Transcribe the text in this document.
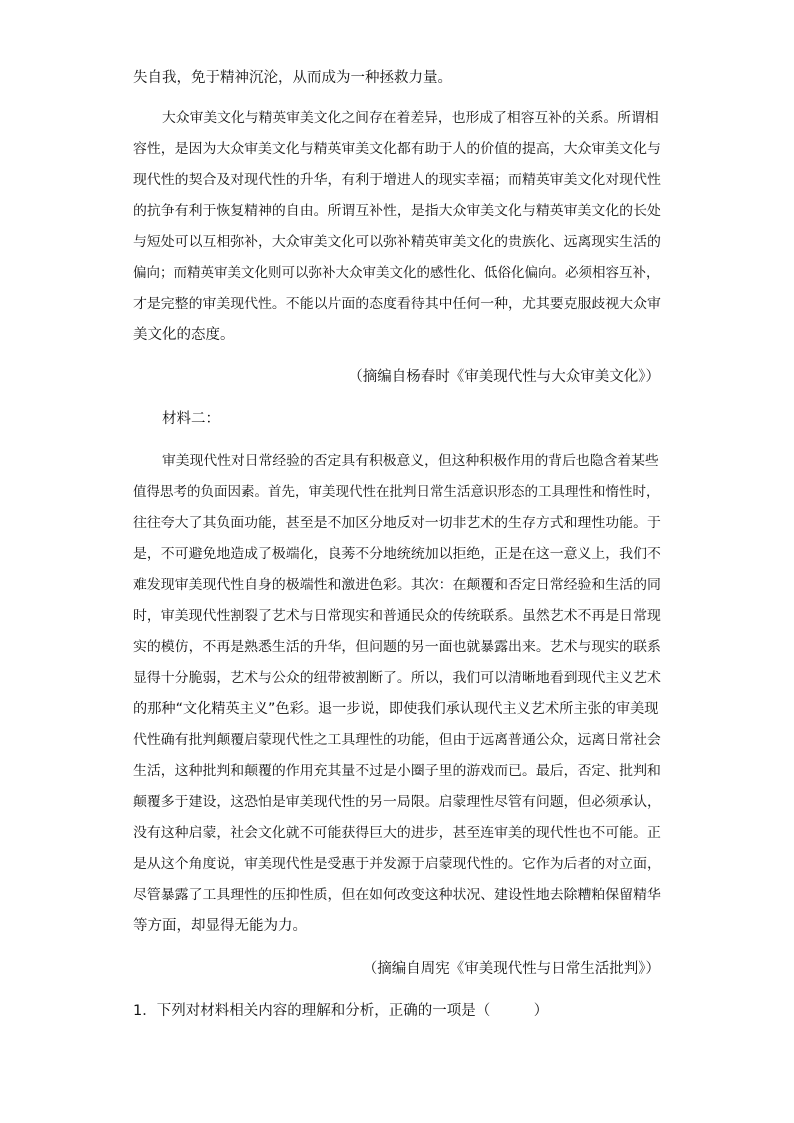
失自我，免于精神沉沦，从而成为一种拯救力量。
大众审美文化与精英审美文化之间存在着差异，也形成了相容互补的关系。所谓相
容性，是因为大众审美文化与精英审美文化都有助于人的价值的提高，大众审美文化与
现代性的契合及对现代性的升华，有利于增进人的现实幸福；而精英审美文化对现代性
的抗争有利于恢复精神的自由。所谓互补性，是指大众审美文化与精英审美文化的长处
与短处可以互相弥补，大众审美文化可以弥补精英审美文化的贵族化、远离现实生活的
偏向；而精英审美文化则可以弥补大众审美文化的感性化、低俗化偏向。必须相容互补，
才是完整的审美现代性。不能以片面的态度看待其中任何一种，尤其要克服歧视大众审
美文化的态度。
（摘编自杨春时《审美现代性与大众审美文化》）
材料二：
审美现代性对日常经验的否定具有积极意义，但这种积极作用的背后也隐含着某些
值得思考的负面因素。首先，审美现代性在批判日常生活意识形态的工具理性和惰性时，
往往夸大了其负面功能，甚至是不加区分地反对一切非艺术的生存方式和理性功能。于
是，不可避免地造成了极端化，良莠不分地统统加以拒绝，正是在这一意义上，我们不
难发现审美现代性自身的极端性和激进色彩。其次：在颠覆和否定日常经验和生活的同
时，审美现代性割裂了艺术与日常现实和普通民众的传统联系。虽然艺术不再是日常现
实的模仿，不再是熟悉生活的升华，但问题的另一面也就暴露出来。艺术与现实的联系
显得十分脆弱，艺术与公众的纽带被割断了。所以，我们可以清晰地看到现代主义艺术
的那种“文化精英主义”色彩。退一步说，即使我们承认现代主义艺术所主张的审美现
代性确有批判颠覆启蒙现代性之工具理性的功能，但由于远离普通公众，远离日常社会
生活，这种批判和颠覆的作用充其量不过是小圈子里的游戏而已。最后，否定、批判和
颠覆多于建设，这恐怕是审美现代性的另一局限。启蒙理性尽管有问题，但必须承认，
没有这种启蒙，社会文化就不可能获得巨大的进步，甚至连审美的现代性也不可能。正
是从这个角度说，审美现代性是受惠于并发源于启蒙现代性的。它作为后者的对立面，
尽管暴露了工具理性的压抑性质，但在如何改变这种状况、建设性地去除糟粕保留精华
等方面，却显得无能为力。
（摘编自周宪《审美现代性与日常生活批判》）
1．下列对材料相关内容的理解和分析，正确的一项是（　　　）
